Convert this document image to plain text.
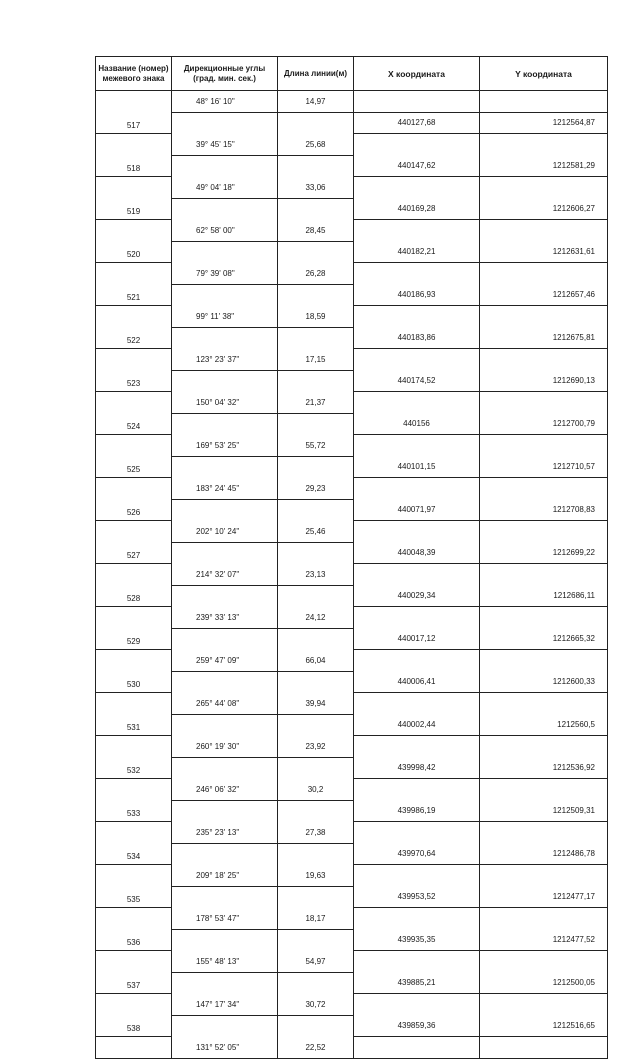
Название (номер) межевого знака	Дирекционные углы (град. мин. сек.)	Длина линии(м)	X координата	Y координата
	48° 16' 10"	14,97		
517			440127,68	1212564,87
	39° 45' 15"	25,68		
518			440147,62	1212581,29
	49° 04' 18"	33,06		
519			440169,28	1212606,27
	62° 58' 00"	28,45		
520			440182,21	1212631,61
	79° 39' 08"	26,28		
521			440186,93	1212657,46
	99° 11' 38"	18,59		
522			440183,86	1212675,81
	123° 23' 37"	17,15		
523			440174,52	1212690,13
	150° 04' 32"	21,37		
524			440156	1212700,79
	169° 53' 25"	55,72		
525			440101,15	1212710,57
	183° 24' 45"	29,23		
526			440071,97	1212708,83
	202° 10' 24"	25,46		
527			440048,39	1212699,22
	214° 32' 07"	23,13		
528			440029,34	1212686,11
	239° 33' 13"	24,12		
529			440017,12	1212665,32
	259° 47' 09"	66,04		
530			440006,41	1212600,33
	265° 44' 08"	39,94		
531			440002,44	1212560,5
	260° 19' 30"	23,92		
532			439998,42	1212536,92
	246° 06' 32"	30,2		
533			439986,19	1212509,31
	235° 23' 13"	27,38		
534			439970,64	1212486,78
	209° 18' 25"	19,63		
535			439953,52	1212477,17
	178° 53' 47"	18,17		
536			439935,35	1212477,52
	155° 48' 13"	54,97		
537			439885,21	1212500,05
	147° 17' 34"	30,72		
538			439859,36	1212516,65
	131° 52' 05"	22,52		
